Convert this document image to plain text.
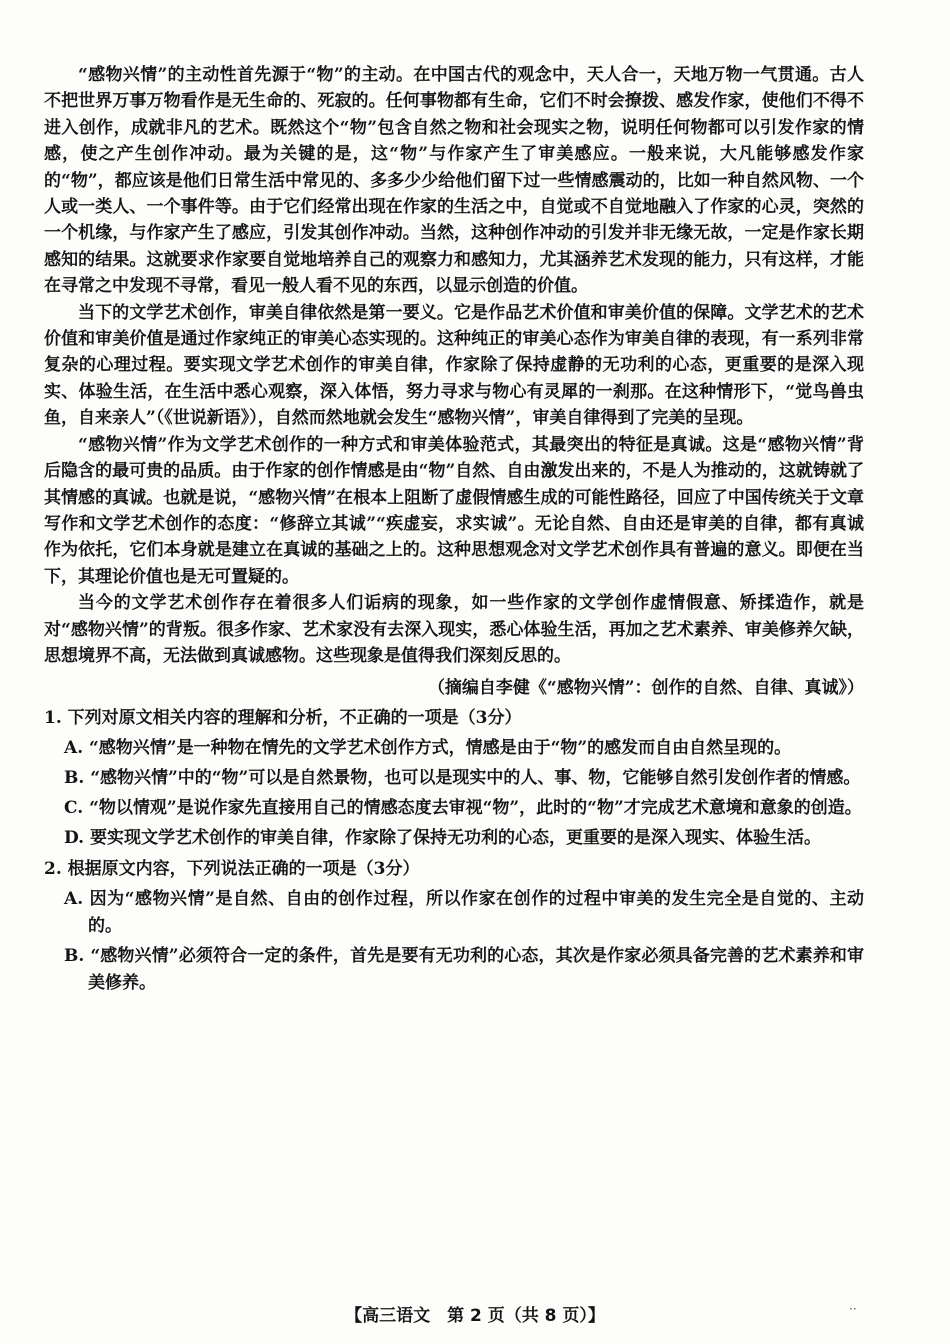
“感物兴情”的主动性首先源于“物”的主动。在中国古代的观念中，天人合一，天地万物一气贯通。古人不把世界万事万物看作是无生命的、死寂的。任何事物都有生命，它们不时会撩拨、感发作家，使他们不得不进入创作，成就非凡的艺术。既然这个“物”包含自然之物和社会现实之物，说明任何物都可以引发作家的情感，使之产生创作冲动。最为关键的是，这“物”与作家产生了审美感应。一般来说，大凡能够感发作家的“物”，都应该是他们日常生活中常见的、多多少少给他们留下过一些情感震动的，比如一种自然风物、一个人或一类人、一个事件等。由于它们经常出现在作家的生活之中，自觉或不自觉地融入了作家的心灵，突然的一个机缘，与作家产生了感应，引发其创作冲动。当然，这种创作冲动的引发并非无缘无故，一定是作家长期感知的结果。这就要求作家要自觉地培养自己的观察力和感知力，尤其涵养艺术发现的能力，只有这样，才能在寻常之中发现不寻常，看见一般人看不见的东西，以显示创造的价值。

当下的文学艺术创作，审美自律依然是第一要义。它是作品艺术价值和审美价值的保障。文学艺术的艺术价值和审美价值是通过作家纯正的审美心态实现的。这种纯正的审美心态作为审美自律的表现，有一系列非常复杂的心理过程。要实现文学艺术创作的审美自律，作家除了保持虚静的无功利的心态，更重要的是深入现实、体验生活，在生活中悉心观察，深入体悟，努力寻求与物心有灵犀的一刹那。在这种情形下，“觉鸟兽虫鱼，自来亲人”（《世说新语》），自然而然地就会发生“感物兴情”，审美自律得到了完美的呈现。

“感物兴情”作为文学艺术创作的一种方式和审美体验范式，其最突出的特征是真诚。这是“感物兴情”背后隐含的最可贵的品质。由于作家的创作情感是由“物”自然、自由激发出来的，不是人为推动的，这就铸就了其情感的真诚。也就是说，“感物兴情”在根本上阻断了虚假情感生成的可能性路径，回应了中国传统关于文章写作和文学艺术创作的态度：“修辞立其诚”“疾虚妄，求实诚”。无论自然、自由还是审美的自律，都有真诚作为依托，它们本身就是建立在真诚的基础之上的。这种思想观念对文学艺术创作具有普遍的意义。即便在当下，其理论价值也是无可置疑的。

当今的文学艺术创作存在着很多人们诟病的现象，如一些作家的文学创作虚情假意、矫揉造作，就是对“感物兴情”的背叛。很多作家、艺术家没有去深入现实，悉心体验生活，再加之艺术素养、审美修养欠缺，思想境界不高，无法做到真诚感物。这些现象是值得我们深刻反思的。

（摘编自李健《“感物兴情”：创作的自然、自律、真诚》）

1. 下列对原文相关内容的理解和分析，不正确的一项是（3分）

A. “感物兴情”是一种物在情先的文学艺术创作方式，情感是由于“物”的感发而自由自然呈现的。

B. “感物兴情”中的“物”可以是自然景物，也可以是现实中的人、事、物，它能够自然引发创作者的情感。

C. “物以情观”是说作家先直接用自己的情感态度去审视“物”，此时的“物”才完成艺术意境和意象的创造。

D. 要实现文学艺术创作的审美自律，作家除了保持无功利的心态，更重要的是深入现实、体验生活。

2. 根据原文内容，下列说法正确的一项是（3分）

A. 因为“感物兴情”是自然、自由的创作过程，所以作家在创作的过程中审美的发生完全是自觉的、主动的。

B. “感物兴情”必须符合一定的条件，首先是要有无功利的心态，其次是作家必须具备完善的艺术素养和审美修养。

【高三语文　第 2 页（共 8 页）】	··
